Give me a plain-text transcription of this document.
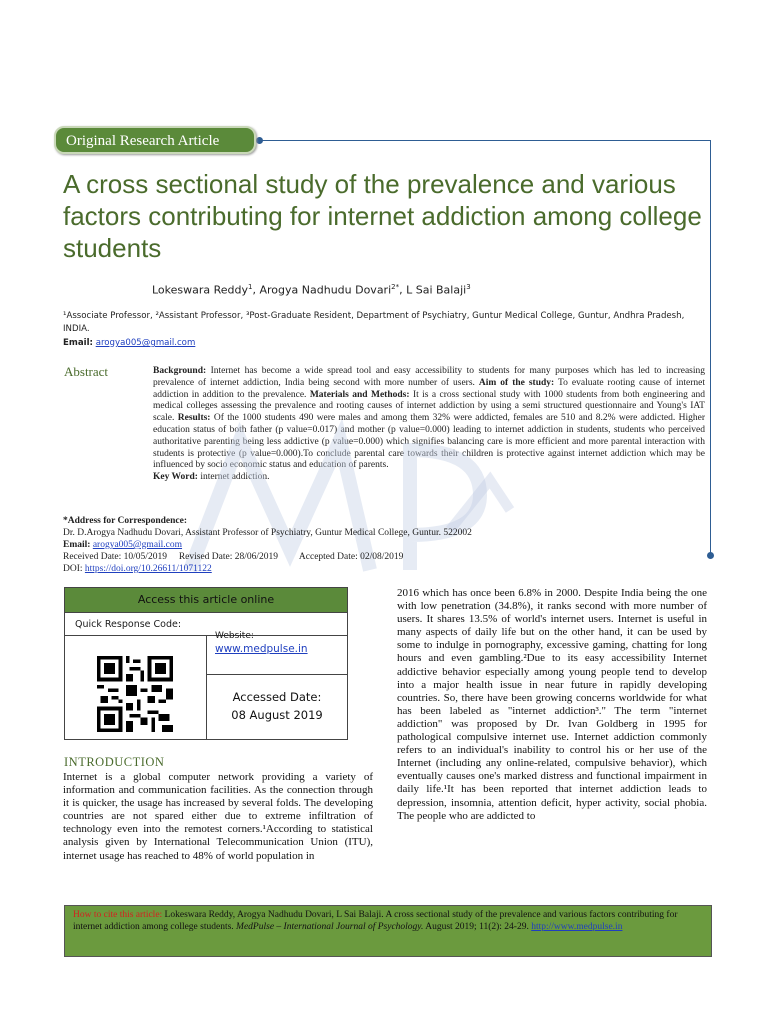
Original Research Article
A cross sectional study of the prevalence and various factors contributing for internet addiction among college students
Lokeswara Reddy$^1$, Arogya Nadhudu Dovari$^{2*}$, L Sai Balaji$^3$
¹Associate Professor, ²Assistant Professor, ³Post-Graduate Resident, Department of Psychiatry, Guntur Medical College, Guntur, Andhra Pradesh, INDIA.
Email: arogya005@gmail.com
Abstract	Background: Internet has become a wide spread tool and easy accessibility to students for many purposes which has led to increasing prevalence of internet addiction, India being second with more number of users. Aim of the study: To evaluate rooting cause of internet addiction in addition to the prevalence. Materials and Methods: It is a cross sectional study with 1000 students from both engineering and medical colleges assessing the prevalence and rooting causes of internet addiction by using a semi structured questionnaire and Young's IAT scale. Results: Of the 1000 students 490 were males and among them 32% were addicted, females are 510 and 8.2% were addicted. Higher education status of both father (p value=0.017) and mother (p value=0.000) leading to internet addiction in students, students who perceived authoritative parenting being less addictive (p value=0.000) which signifies balancing care is more efficient and more parental interaction with students is protective (p value=0.000).To conclude parental care towards their children is protective against internet addiction which may be influenced by socio economic status and education of parents.
Key Word: internet addiction.
*Address for Correspondence:
Dr. D.Arogya Nadhudu Dovari, Assistant Professor of Psychiatry, Guntur Medical College, Guntur. 522002
Email: arogya005@gmail.com
Received Date: 10/05/2019 Revised Date: 28/06/2019 Accepted Date: 02/08/2019
DOI: https://doi.org/10.26611/1071122
Access this article online
Quick Response Code:
Website:
www.medpulse.in
Accessed Date:
08 August 2019
INTRODUCTION
Internet is a global computer network providing a variety of information and communication facilities. As the connection through it is quicker, the usage has increased by several folds. The developing countries are not spared either due to extreme infiltration of technology even into the remotest corners.¹According to statistical analysis given by International Telecommunication Union (ITU), internet usage has reached to 48% of world population in
2016 which has once been 6.8% in 2000. Despite India being the one with low penetration (34.8%), it ranks second with more number of users. It shares 13.5% of world's internet users. Internet is useful in many aspects of daily life but on the other hand, it can be used by some to indulge in pornography, excessive gaming, chatting for long hours and even gambling.²Due to its easy accessibility Internet addictive behavior especially among young people tend to develop into a major health issue in near future in rapidly developing countries. So, there have been growing concerns worldwide for what has been labeled as "internet addiction³." The term "internet addiction" was proposed by Dr. Ivan Goldberg in 1995 for pathological compulsive internet use. Internet addiction commonly refers to an individual's inability to control his or her use of the Internet (including any online-related, compulsive behavior), which eventually causes one's marked distress and functional impairment in daily life.¹It has been reported that internet addiction leads to depression, insomnia, attention deficit, hyper activity, social phobia. The people who are addicted to
How to cite this article: Lokeswara Reddy, Arogya Nadhudu Dovari, L Sai Balaji. A cross sectional study of the prevalence and various factors contributing for internet addiction among college students. MedPulse – International Journal of Psychology. August 2019; 11(2): 24-29. http://www.medpulse.in
